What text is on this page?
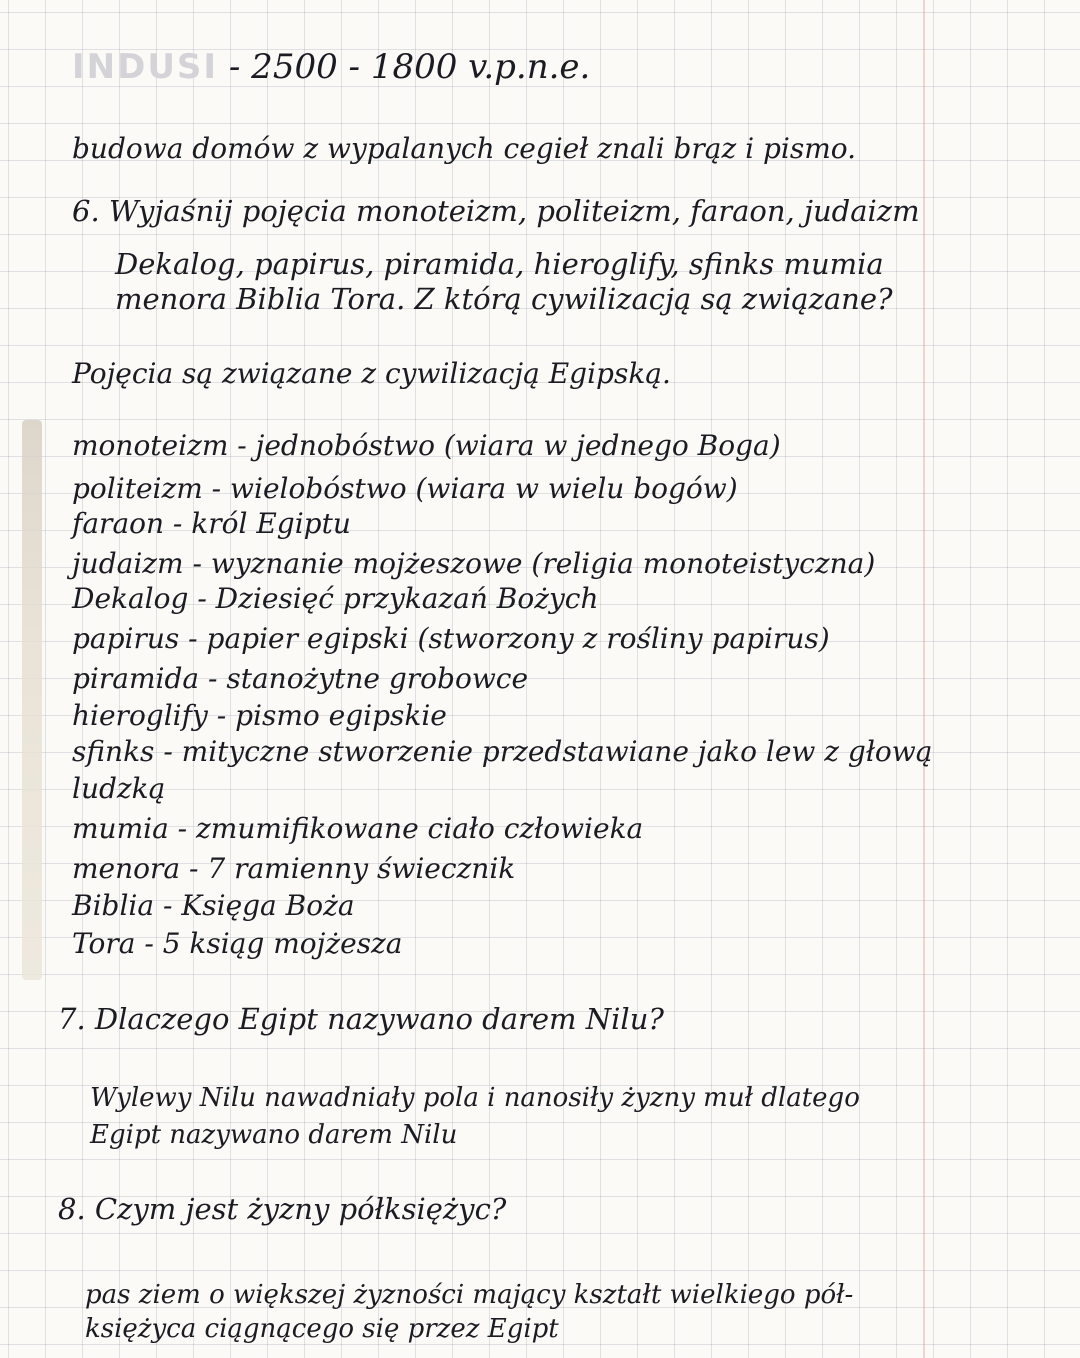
INDUSI - 2500 - 1800 v.p.n.e.

budowa domów z wypalanych cegieł znali brąz i pismo.

6. Wyjaśnij pojęcia monoteizm, politeizm, faraon, judaizm

Dekalog, papirus, piramida, hieroglify, sfinks mumia

menora Biblia Tora. Z którą cywilizacją są związane?

Pojęcia są związane z cywilizacją Egipską.

monoteizm - jednobóstwo (wiara w jednego Boga)

politeizm - wielobóstwo (wiara w wielu bogów)

faraon - król Egiptu

judaizm - wyznanie mojżeszowe (religia monoteistyczna)

Dekalog - Dziesięć przykazań Bożych

papirus - papier egipski (stworzony z rośliny papirus)

piramida - stanożytne grobowce

hieroglify - pismo egipskie

sfinks - mityczne stworzenie przedstawiane jako lew z głową

ludzką

mumia - zmumifikowane ciało człowieka

menora - 7 ramienny świecznik

Biblia - Księga Boża

Tora - 5 ksiąg mojżesza

7. Dlaczego Egipt nazywano darem Nilu?

Wylewy Nilu nawadniały pola i nanosiły żyzny muł dlatego

Egipt nazywano darem Nilu

8. Czym jest żyzny półksiężyc?

pas ziem o większej żyzności mający kształt wielkiego pół-

księżyca ciągnącego się przez Egipt
